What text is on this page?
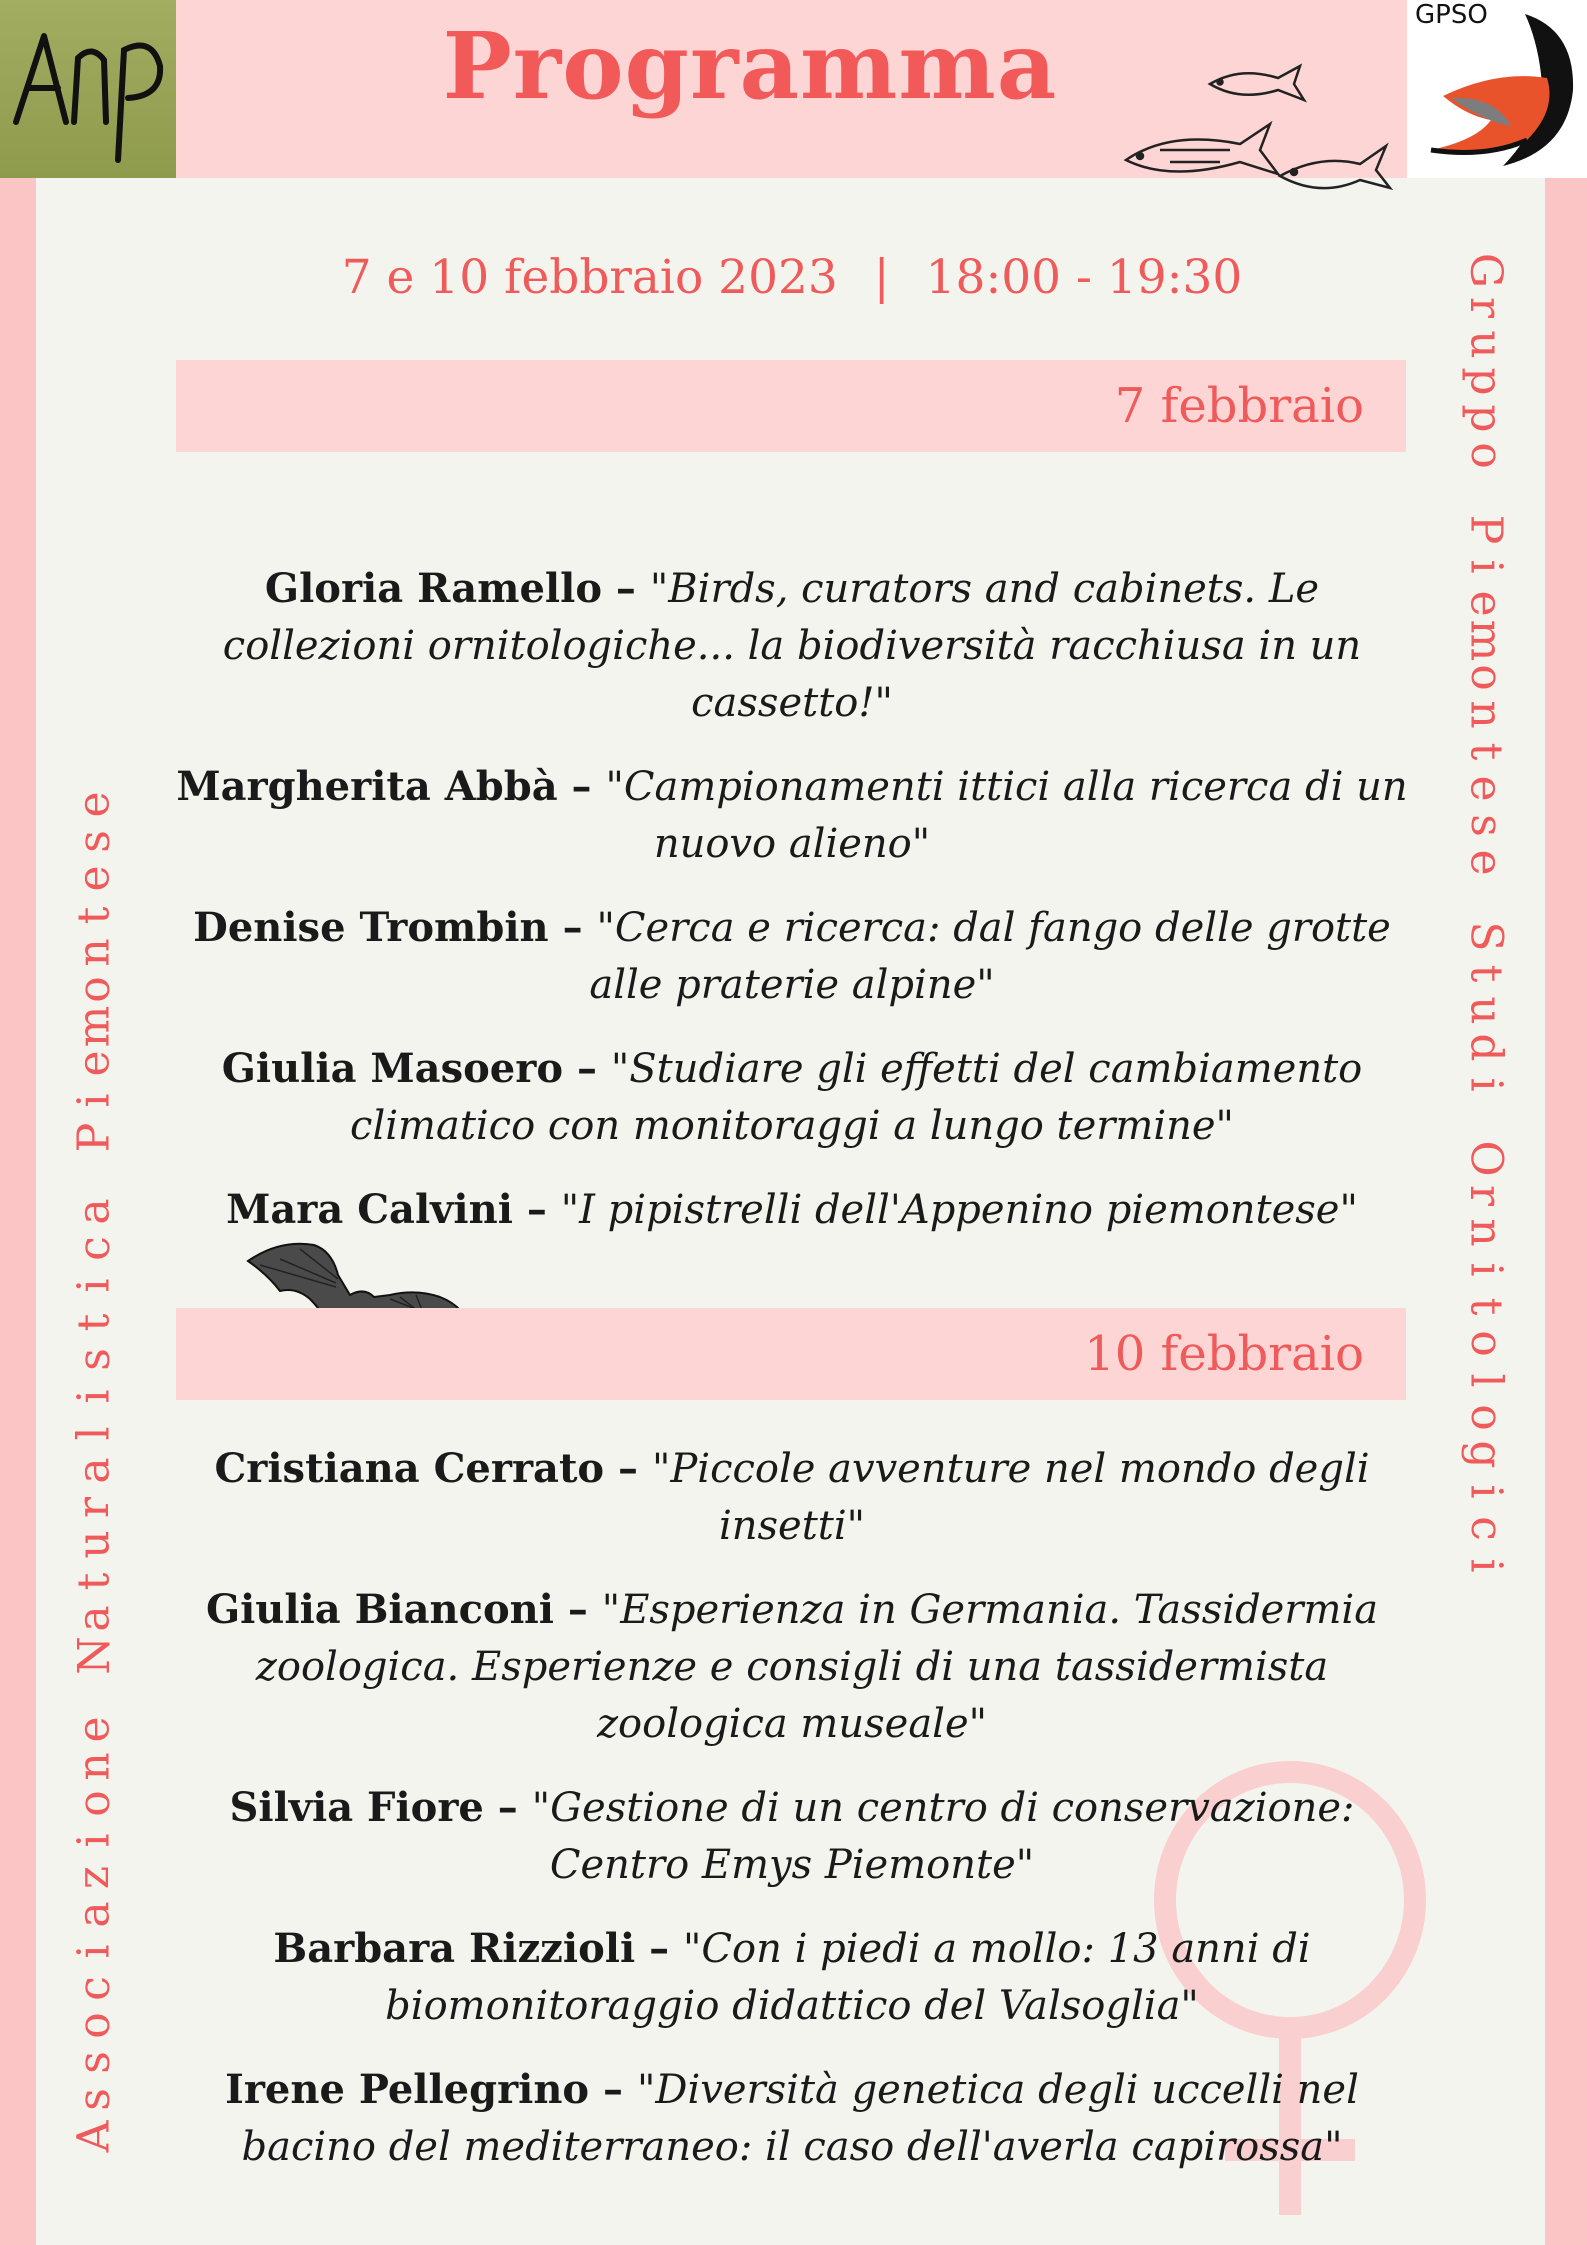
Programma	GPSO
A
s
s
o
c
i
a
z
i
o
n
e
N
a
t
u
r
a
l
i
s
t
i
c
a
P
i
e
m
o
n
t
e
s
e
G
r
u
p
p
o
P
i
e
m
o
n
t
e
s
e
S
t
u
d
i
O
r
n
i
t
o
l
o
g
i
c
i
7 e 10 febbraio 2023 | 18:00 - 19:30
7 febbraio
Gloria Ramello – "Birds, curators and cabinets. Le collezioni ornitologiche... la biodiversità racchiusa in un cassetto!"
Margherita Abbà – "Campionamenti ittici alla ricerca di un nuovo alieno"
Denise Trombin – "Cerca e ricerca: dal fango delle grotte alle praterie alpine"
Giulia Masoero – "Studiare gli effetti del cambiamento climatico con monitoraggi a lungo termine"
Mara Calvini – "I pipistrelli dell'Appenino piemontese"
10 febbraio
Cristiana Cerrato – "Piccole avventure nel mondo degli insetti"
Giulia Bianconi – "Esperienza in Germania. Tassidermia zoologica. Esperienze e consigli di una tassidermista zoologica museale"
Silvia Fiore – "Gestione di un centro di conservazione: Centro Emys Piemonte"
Barbara Rizzioli – "Con i piedi a mollo: 13 anni di biomonitoraggio didattico del Valsoglia"
Irene Pellegrino – "Diversità genetica degli uccelli nel bacino del mediterraneo: il caso dell'averla capirossa"
